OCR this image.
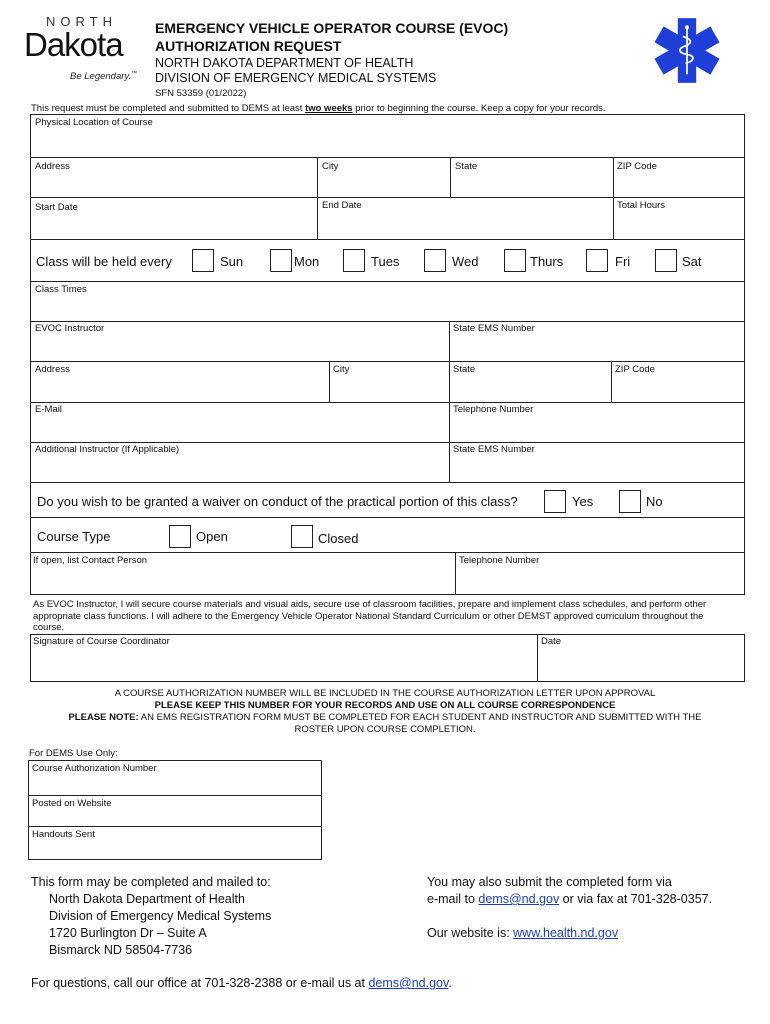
NORTH
Dakota
Be Legendary.™
EMERGENCY VEHICLE OPERATOR COURSE (EVOC)
AUTHORIZATION REQUEST
NORTH DAKOTA DEPARTMENT OF HEALTH
DIVISION OF EMERGENCY MEDICAL SYSTEMS
SFN 53359 (01/2022)
This request must be completed and submitted to DEMS at least two weeks prior to beginning the course. Keep a copy for your records.
Physical Location of Course
Address	City	State	ZIP Code
Start Date	End Date	Total Hours
Class will be held every	Sun	Mon	Tues	Wed	Thurs	Fri	Sat
Class Times
EVOC Instructor	State EMS Number
Address	City	State	ZIP Code
E-Mail	Telephone Number
Additional Instructor (If Applicable)	State EMS Number
Do you wish to be granted a waiver on conduct of the practical portion of this class?	Yes	No
Course Type	Open	Closed
If open, list Contact Person	Telephone Number
As EVOC Instructor, I will secure course materials and visual aids, secure use of classroom facilities, prepare and implement class schedules, and perform other appropriate class functions. I will adhere to the Emergency Vehicle Operator National Standard Curriculum or other DEMST approved curriculum throughout the course.
Signature of Course Coordinator	Date
A COURSE AUTHORIZATION NUMBER WILL BE INCLUDED IN THE COURSE AUTHORIZATION LETTER UPON APPROVAL
PLEASE KEEP THIS NUMBER FOR YOUR RECORDS AND USE ON ALL COURSE CORRESPONDENCE
PLEASE NOTE: AN EMS REGISTRATION FORM MUST BE COMPLETED FOR EACH STUDENT AND INSTRUCTOR AND SUBMITTED WITH THE
ROSTER UPON COURSE COMPLETION.
For DEMS Use Only:
Course Authorization Number
Posted on Website
Handouts Sent
This form may be completed and mailed to:
North Dakota Department of Health
Division of Emergency Medical Systems
1720 Burlington Dr – Suite A
Bismarck ND 58504-7736
You may also submit the completed form via
e-mail to dems@nd.gov or via fax at 701-328-0357.
Our website is: www.health.nd.gov
For questions, call our office at 701-328-2388 or e-mail us at dems@nd.gov.
